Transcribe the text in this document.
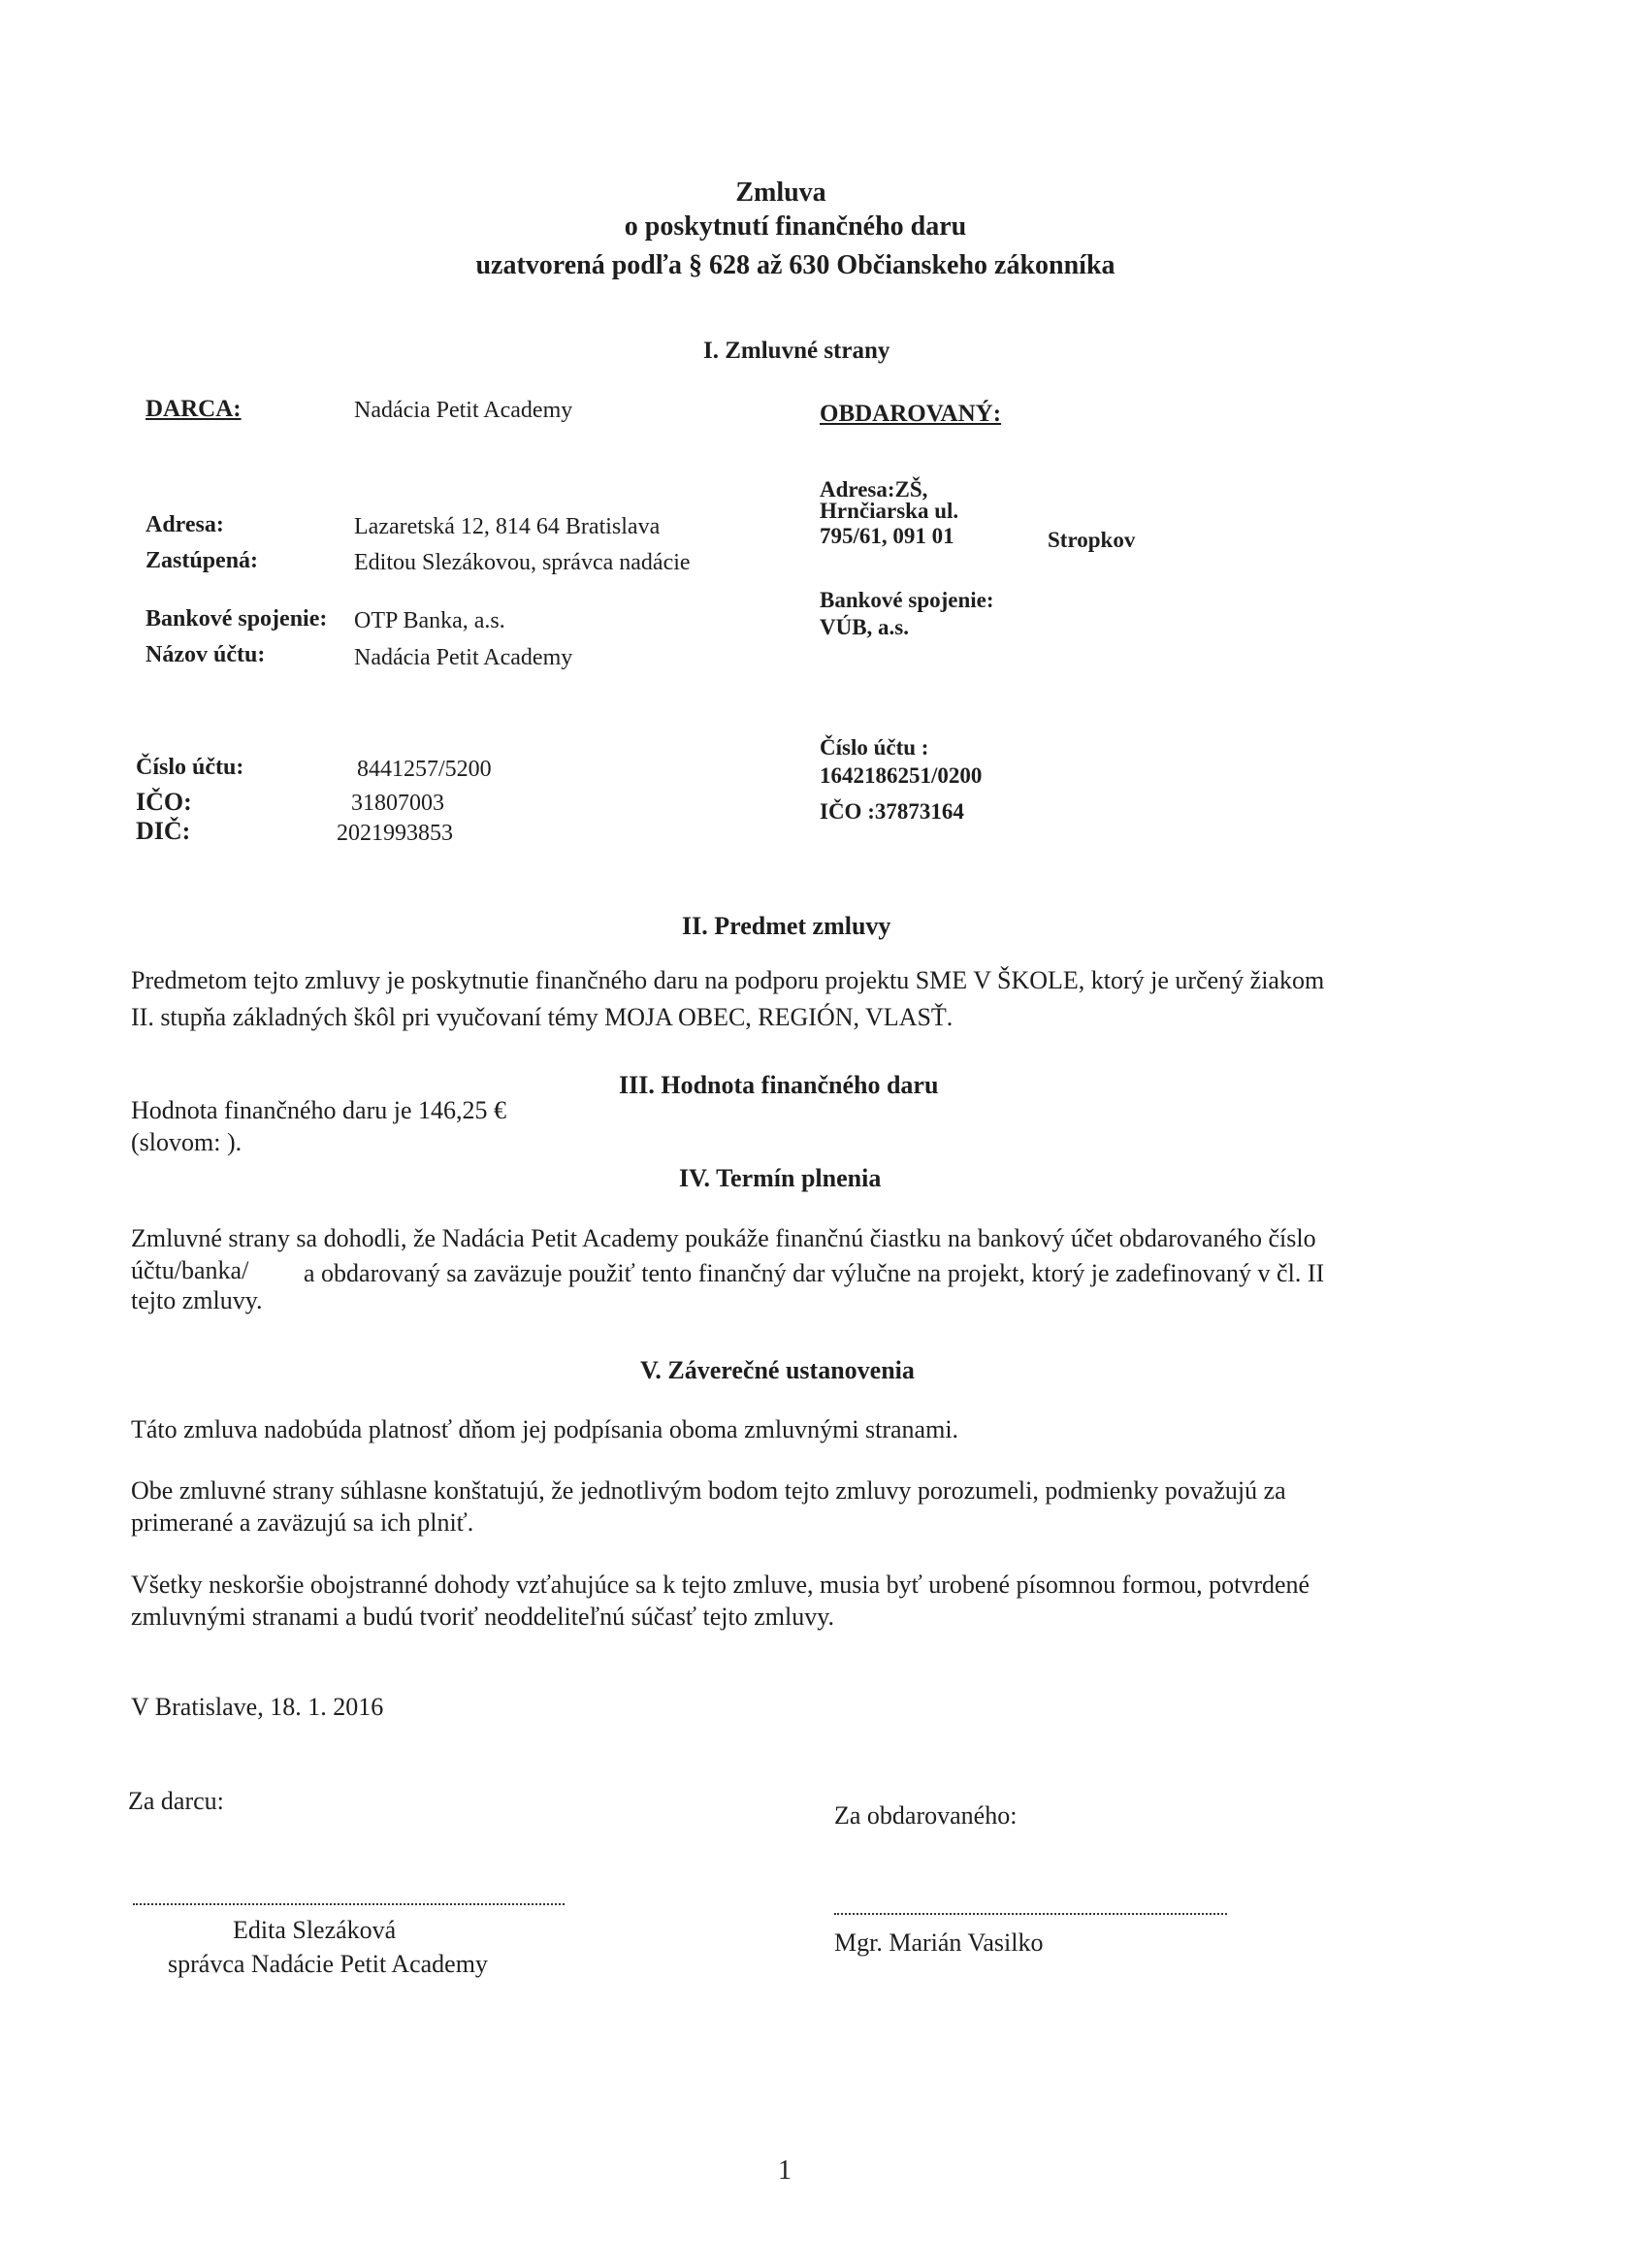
Zmluva
o poskytnutí finančného daru
uzatvorená podľa § 628 až 630 Občianskeho zákonníka
I. Zmluvné strany
DARCA:	Nadácia Petit Academy
Adresa:	Lazaretská 12, 814 64 Bratislava
Zastúpená:	Editou Slezákovou, správca nadácie
Bankové spojenie: OTP Banka, a.s.
Názov účtu:	Nadácia Petit Academy
Číslo účtu:	8441257/5200
IČO:	31807003
DIČ:	2021993853
OBDAROVANÝ:
Adresa:ZŠ,
Hrnčiarska ul.
795/61, 091 01	Stropkov
Bankové spojenie:
VÚB, a.s.
Číslo účtu :
1642186251/0200
IČO :37873164
II. Predmet zmluvy
Predmetom tejto zmluvy je poskytnutie finančného daru na podporu projektu SME V ŠKOLE, ktorý je určený žiakom
II. stupňa základných škôl pri vyučovaní témy MOJA OBEC, REGIÓN, VLASŤ.
III. Hodnota finančného daru
Hodnota finančného daru je 146,25 €
(slovom: ).
IV. Termín plnenia
Zmluvné strany sa dohodli, že Nadácia Petit Academy poukáže finančnú čiastku na bankový účet obdarovaného číslo
účtu/banka/ a obdarovaný sa zaväzuje použiť tento finančný dar výlučne na projekt, ktorý je zadefinovaný v čl. II
tejto zmluvy.
V. Záverečné ustanovenia
Táto zmluva nadobúda platnosť dňom jej podpísania oboma zmluvnými stranami.
Obe zmluvné strany súhlasne konštatujú, že jednotlivým bodom tejto zmluvy porozumeli, podmienky považujú za
primerané a zaväzujú sa ich plniť.
Všetky neskoršie obojstranné dohody vzťahujúce sa k tejto zmluve, musia byť urobené písomnou formou, potvrdené
zmluvnými stranami a budú tvoriť neoddeliteľnú súčasť tejto zmluvy.
V Bratislave, 18. 1. 2016
Za darcu:
Za obdarovaného:
Edita Slezáková
správca Nadácie Petit Academy
Mgr. Marián Vasilko
1
